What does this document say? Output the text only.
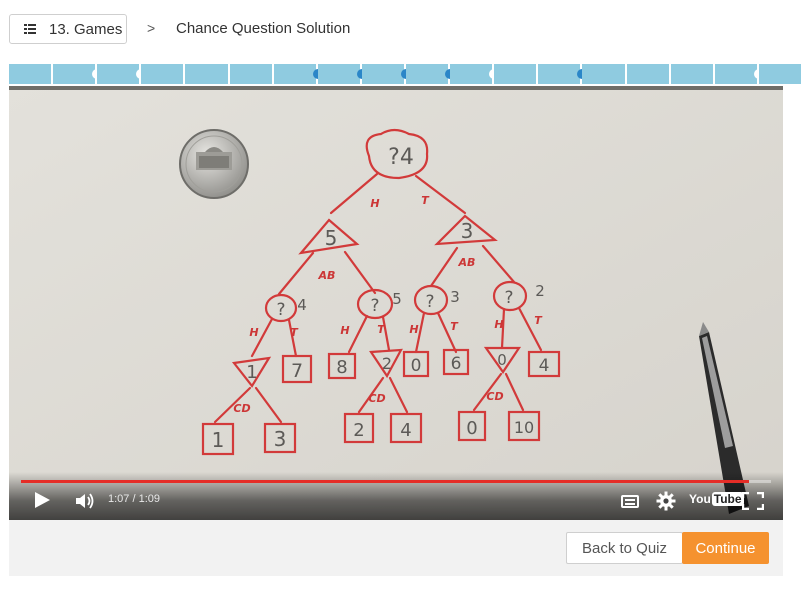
13. Games > Chance Question Solution
?4
5	3
?	?	?	?
4	5	3	2
1 7 8 2 0 6 0 4
1 3	2 4	0 10
H	T
AB
AB
H	T	H	T H	T	H	T
CD
CD	CD
1:07 / 1:09	You Tube
Back to Quiz	Continue
